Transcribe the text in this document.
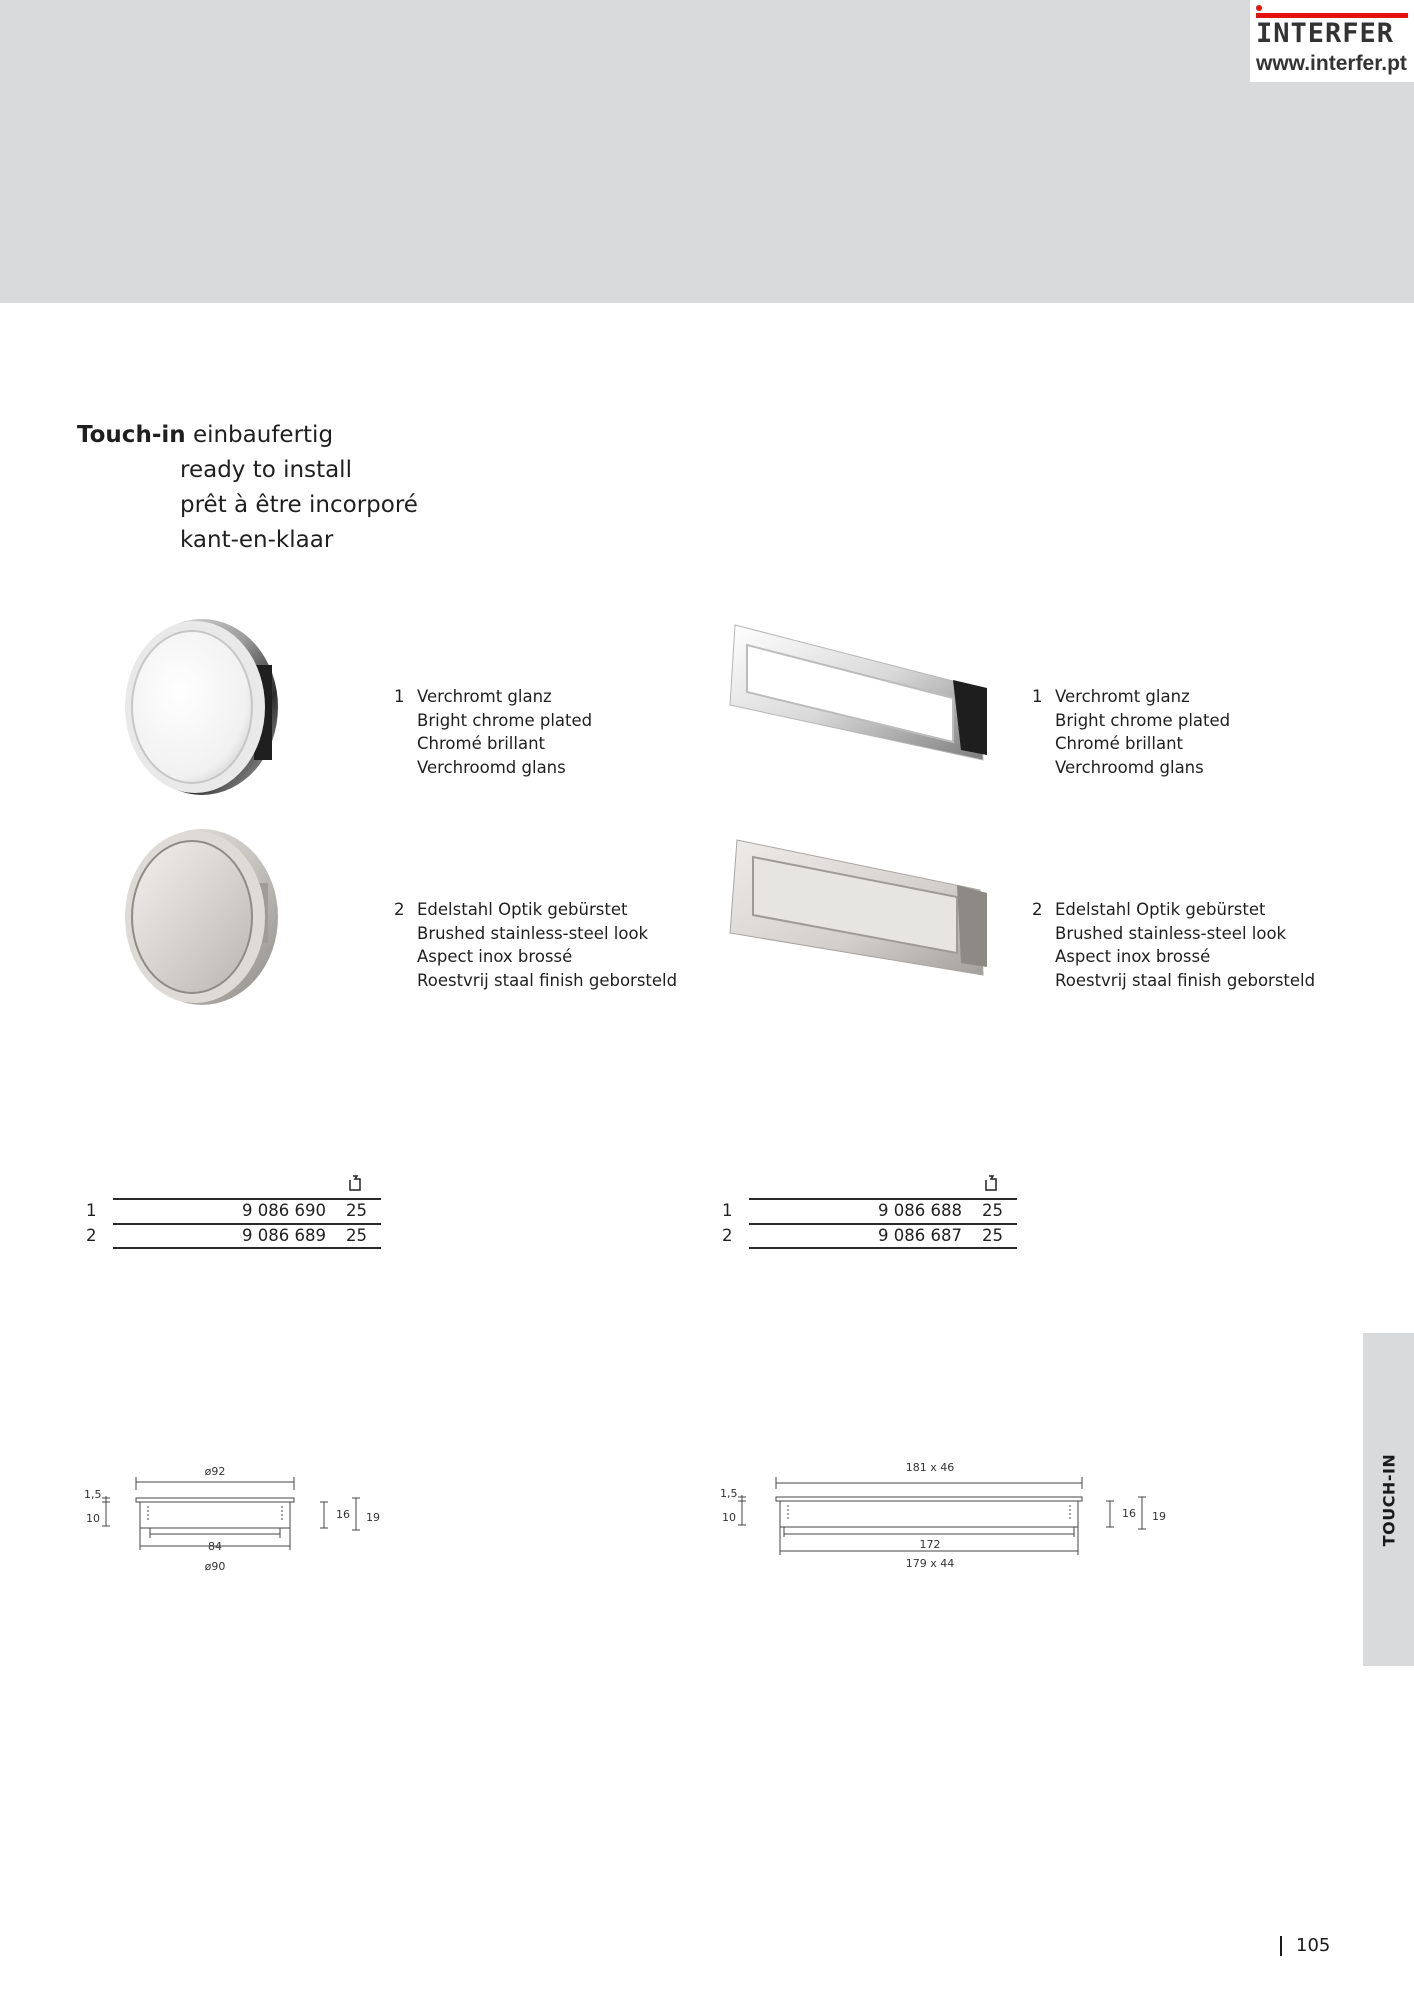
INTERFER
www.interfer.pt
Touch-in einbaufertig
ready to install
prêt à être incorporé
kant-en-klaar
1 Verchromt glanz
Bright chrome plated
Chromé brillant
Verchroomd glans
2 Edelstahl Optik gebürstet
Brushed stainless-steel look
Aspect inox brossé
Roestvrij staal finish geborsteld
1 Verchromt glanz
Bright chrome plated
Chromé brillant
Verchroomd glans
2 Edelstahl Optik gebürstet
Brushed stainless-steel look
Aspect inox brossé
Roestvrij staal finish geborsteld
1	9 086 690 25
2	9 086 689 25
1	9 086 688 25
2	9 086 687 25
ø92
1,5
10	16 19
84
ø90
181 x 46
1,5
10	16 19
172
179 x 44
TOUCH-IN
105
